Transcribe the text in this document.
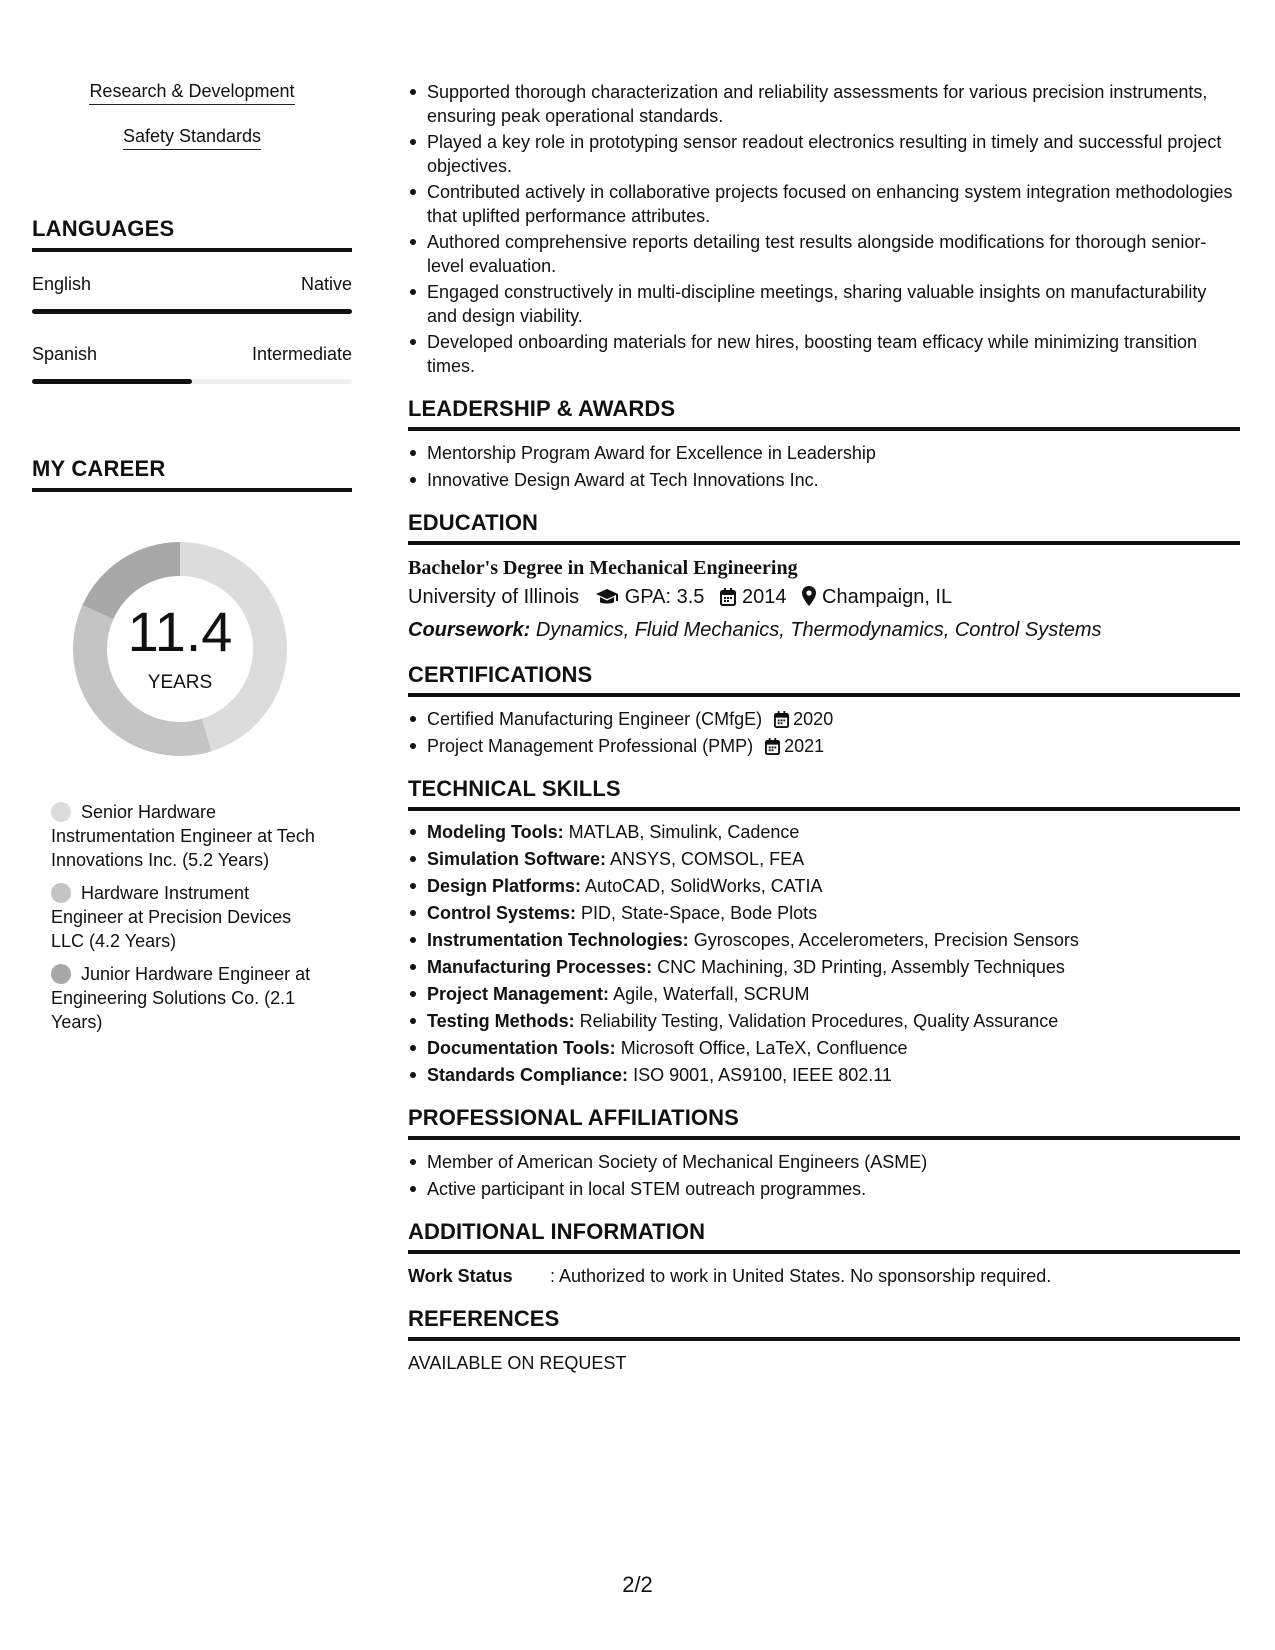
Research & Development
Safety Standards
LANGUAGES
English	Native
Spanish	Intermediate
MY CAREER
11.4
YEARS
Senior Hardware Instrumentation Engineer at Tech Innovations Inc. (5.2 Years)
Hardware Instrument Engineer at Precision Devices LLC (4.2 Years)
Junior Hardware Engineer at Engineering Solutions Co. (2.1 Years)
Supported thorough characterization and reliability assessments for various precision instruments, ensuring peak operational standards.
Played a key role in prototyping sensor readout electronics resulting in timely and successful project objectives.
Contributed actively in collaborative projects focused on enhancing system integration methodologies that uplifted performance attributes.
Authored comprehensive reports detailing test results alongside modifications for thorough senior-level evaluation.
Engaged constructively in multi-discipline meetings, sharing valuable insights on manufacturability and design viability.
Developed onboarding materials for new hires, boosting team efficacy while minimizing transition times.
LEADERSHIP & AWARDS
Mentorship Program Award for Excellence in Leadership
Innovative Design Award at Tech Innovations Inc.
EDUCATION
Bachelor's Degree in Mechanical Engineering
University of Illinois GPA: 3.5 2014 Champaign, IL
Coursework: Dynamics, Fluid Mechanics, Thermodynamics, Control Systems
CERTIFICATIONS
Certified Manufacturing Engineer (CMfgE) 2020
Project Management Professional (PMP) 2021
TECHNICAL SKILLS
Modeling Tools: MATLAB, Simulink, Cadence
Simulation Software: ANSYS, COMSOL, FEA
Design Platforms: AutoCAD, SolidWorks, CATIA
Control Systems: PID, State-Space, Bode Plots
Instrumentation Technologies: Gyroscopes, Accelerometers, Precision Sensors
Manufacturing Processes: CNC Machining, 3D Printing, Assembly Techniques
Project Management: Agile, Waterfall, SCRUM
Testing Methods: Reliability Testing, Validation Procedures, Quality Assurance
Documentation Tools: Microsoft Office, LaTeX, Confluence
Standards Compliance: ISO 9001, AS9100, IEEE 802.11
PROFESSIONAL AFFILIATIONS
Member of American Society of Mechanical Engineers (ASME)
Active participant in local STEM outreach programmes.
ADDITIONAL INFORMATION
Work Status	: Authorized to work in United States. No sponsorship required.
REFERENCES
AVAILABLE ON REQUEST
2/2
